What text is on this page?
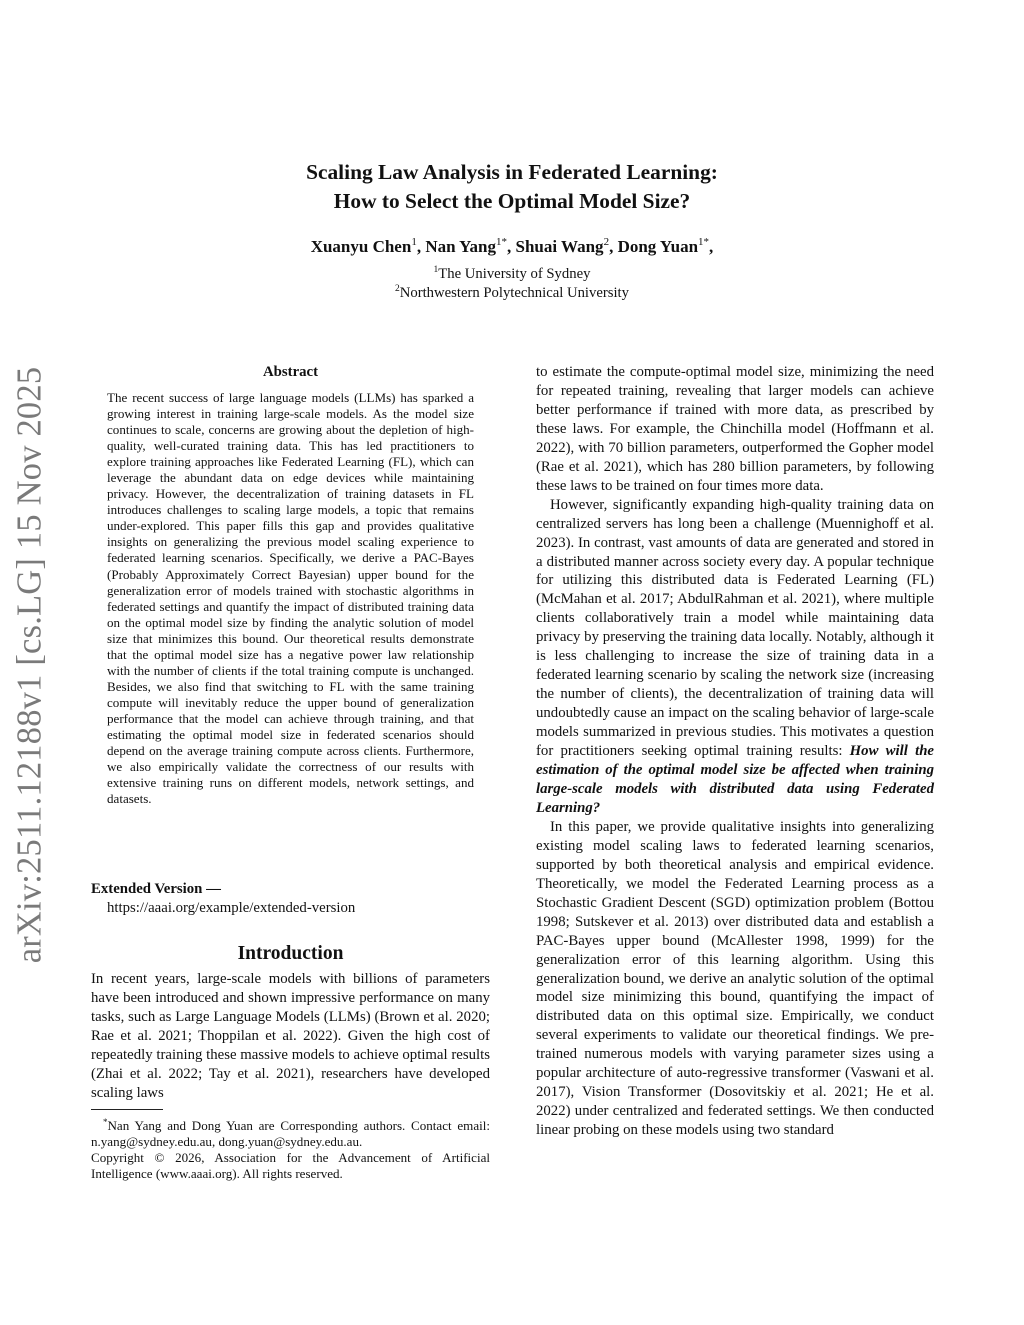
arXiv:2511.12188v1 [cs.LG] 15 Nov 2025
Scaling Law Analysis in Federated Learning:
How to Select the Optimal Model Size?
Xuanyu Chen$^1$, Nan Yang$^{1*}$, Shuai Wang$^2$, Dong Yuan$^{1*}$,
$^1$The University of Sydney
$^2$Northwestern Polytechnical University
Abstract
The recent success of large language models (LLMs) has sparked a growing interest in training large-scale models. As the model size continues to scale, concerns are growing about the depletion of high-quality, well-curated training data. This has led practitioners to explore training approaches like Federated Learning (FL), which can leverage the abundant data on edge devices while maintaining privacy. However, the decentralization of training datasets in FL introduces challenges to scaling large models, a topic that remains under-explored. This paper fills this gap and provides qualitative insights on generalizing the previous model scaling experience to federated learning scenarios. Specifically, we derive a PAC-Bayes (Probably Approximately Correct Bayesian) upper bound for the generalization error of models trained with stochastic algorithms in federated settings and quantify the impact of distributed training data on the optimal model size by finding the analytic solution of model size that minimizes this bound. Our theoretical results demonstrate that the optimal model size has a negative power law relationship with the number of clients if the total training compute is unchanged. Besides, we also find that switching to FL with the same training compute will inevitably reduce the upper bound of generalization performance that the model can achieve through training, and that estimating the optimal model size in federated scenarios should depend on the average training compute across clients. Furthermore, we also empirically validate the correctness of our results with extensive training runs on different models, network settings, and datasets.
Extended Version —
https://aaai.org/example/extended-version
Introduction
In recent years, large-scale models with billions of parameters have been introduced and shown impressive performance on many tasks, such as Large Language Models (LLMs) (Brown et al. 2020; Rae et al. 2021; Thoppilan et al. 2022). Given the high cost of repeatedly training these massive models to achieve optimal results (Zhai et al. 2022; Tay et al. 2021), researchers have developed scaling laws

*Nan Yang and Dong Yuan are Corresponding authors. Contact email: n.yang@sydney.edu.au, dong.yuan@sydney.edu.au.

Copyright © 2026, Association for the Advancement of Artificial Intelligence (www.aaai.org). All rights reserved.

to estimate the compute-optimal model size, minimizing the need for repeated training, revealing that larger models can achieve better performance if trained with more data, as prescribed by these laws. For example, the Chinchilla model (Hoffmann et al. 2022), with 70 billion parameters, outperformed the Gopher model (Rae et al. 2021), which has 280 billion parameters, by following these laws to be trained on four times more data.

However, significantly expanding high-quality training data on centralized servers has long been a challenge (Muennighoff et al. 2023). In contrast, vast amounts of data are generated and stored in a distributed manner across society every day. A popular technique for utilizing this distributed data is Federated Learning (FL) (McMahan et al. 2017; AbdulRahman et al. 2021), where multiple clients collaboratively train a model while maintaining data privacy by preserving the training data locally. Notably, although it is less challenging to increase the size of training data in a federated learning scenario by scaling the network size (increasing the number of clients), the decentralization of training data will undoubtedly cause an impact on the scaling behavior of large-scale models summarized in previous studies. This motivates a question for practitioners seeking optimal training results: How will the estimation of the optimal model size be affected when training large-scale models with distributed data using Federated Learning?

In this paper, we provide qualitative insights into generalizing existing model scaling laws to federated learning scenarios, supported by both theoretical analysis and empirical evidence. Theoretically, we model the Federated Learning process as a Stochastic Gradient Descent (SGD) optimization problem (Bottou 1998; Sutskever et al. 2013) over distributed data and establish a PAC-Bayes upper bound (McAllester 1998, 1999) for the generalization error of this learning algorithm. Using this generalization bound, we derive an analytic solution of the optimal model size minimizing this bound, quantifying the impact of distributed data on this optimal size. Empirically, we conduct several experiments to validate our theoretical findings. We pre-trained numerous models with varying parameter sizes using a popular architecture of auto-regressive transformer (Vaswani et al. 2017), Vision Transformer (Dosovitskiy et al. 2021; He et al. 2022) under centralized and federated settings. We then conducted linear probing on these models using two standard
